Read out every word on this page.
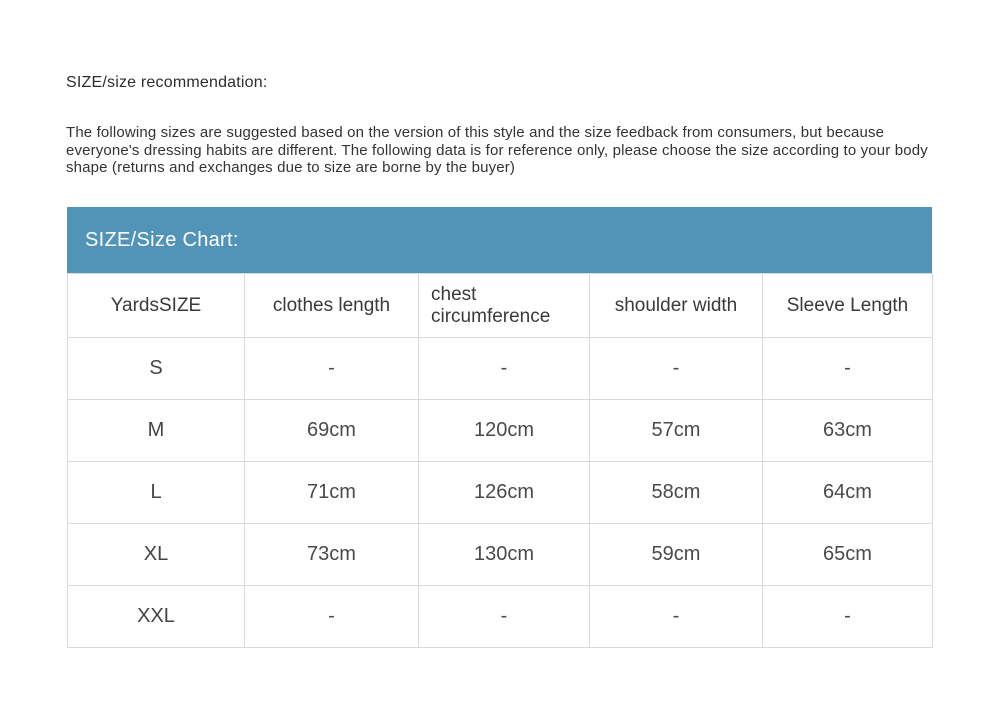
SIZE/size recommendation:
The following sizes are suggested based on the version of this style and the size feedback from consumers, but because everyone's dressing habits are different. The following data is for reference only, please choose the size according to your body shape (returns and exchanges due to size are borne by the buyer)
SIZE/Size Chart:
YardsSIZE	clothes length	chest circumference	shoulder width	Sleeve Length
S	-	-	-	-
M	69cm	120cm	57cm	63cm
L	71cm	126cm	58cm	64cm
XL	73cm	130cm	59cm	65cm
XXL	-	-	-	-
